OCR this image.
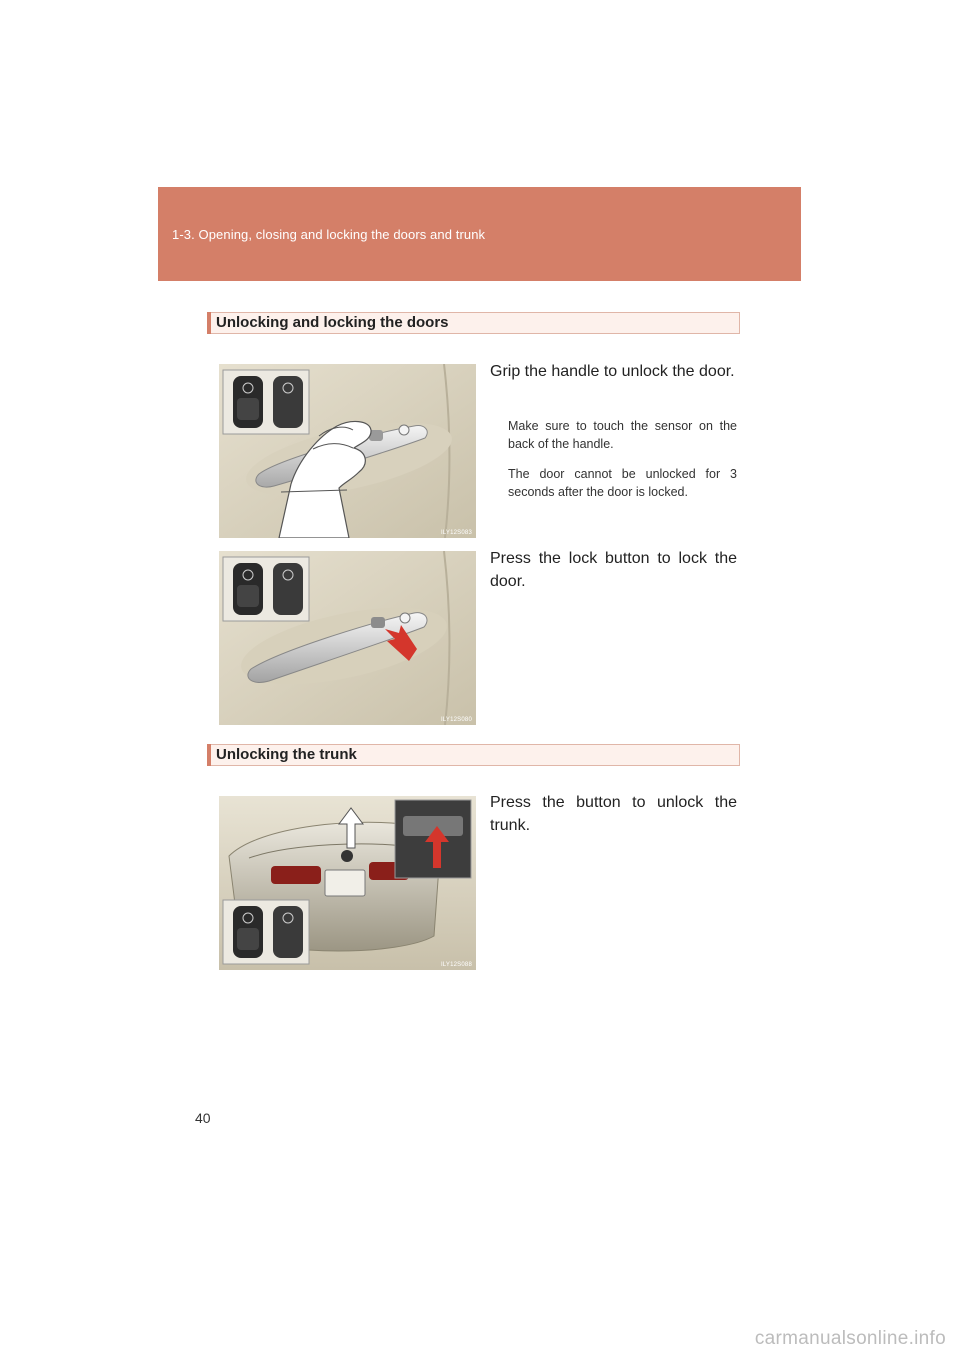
1-3. Opening, closing and locking the doors and trunk
Unlocking and locking the doors
ILY12S083
Grip the handle to unlock the door.
Make sure to touch the sensor on the back of the handle.
The door cannot be unlocked for 3 seconds after the door is locked.
ILY12S080
Press the lock button to lock the door.
Unlocking the trunk
ILY12S088
Press the button to unlock the trunk.
40
carmanualsonline.info
